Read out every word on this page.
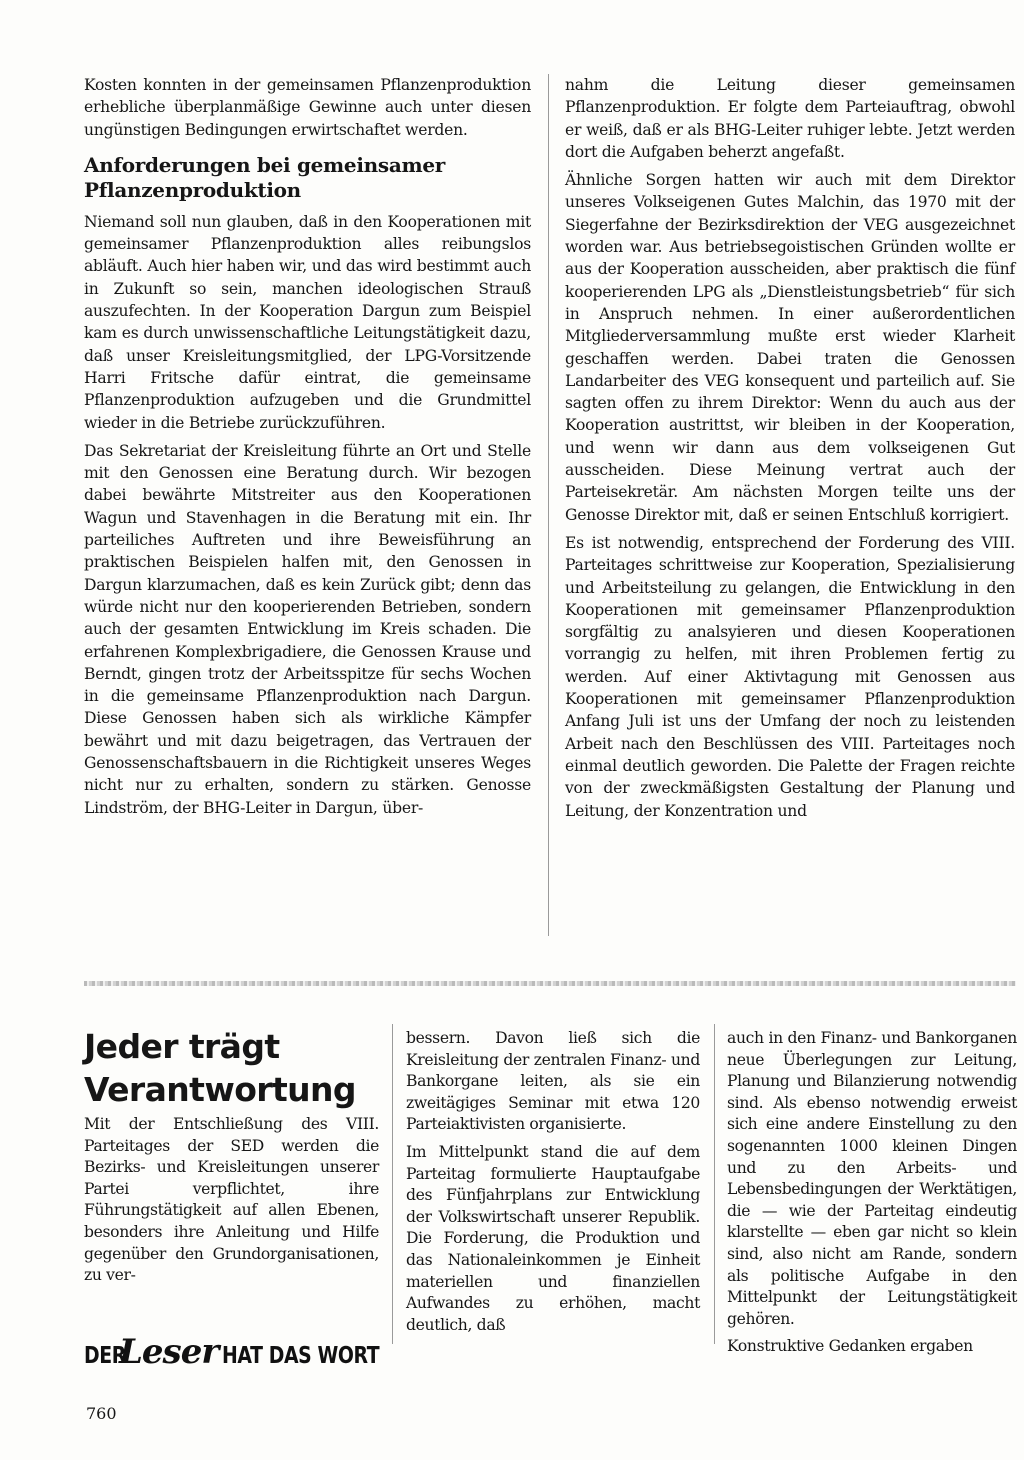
Kosten konnten in der gemeinsamen Pflanzenproduktion erhebliche überplanmäßige Gewinne auch unter diesen ungünstigen Bedingungen erwirtschaftet werden.

Anforderungen bei gemeinsamer Pflanzenproduktion

Niemand soll nun glauben, daß in den Kooperationen mit gemeinsamer Pflanzenproduktion alles reibungslos abläuft. Auch hier haben wir, und das wird bestimmt auch in Zukunft so sein, manchen ideologischen Strauß auszufechten. In der Kooperation Dargun zum Beispiel kam es durch unwissenschaftliche Leitungstätigkeit dazu, daß unser Kreisleitungsmitglied, der LPG-Vorsitzende Harri Fritsche dafür eintrat, die gemeinsame Pflanzenproduktion aufzugeben und die Grundmittel wieder in die Betriebe zurückzuführen.

Das Sekretariat der Kreisleitung führte an Ort und Stelle mit den Genossen eine Beratung durch. Wir bezogen dabei bewährte Mitstreiter aus den Kooperationen Wagun und Stavenhagen in die Beratung mit ein. Ihr parteiliches Auftreten und ihre Beweisführung an praktischen Beispielen halfen mit, den Genossen in Dargun klarzumachen, daß es kein Zurück gibt; denn das würde nicht nur den kooperierenden Betrieben, sondern auch der gesamten Entwicklung im Kreis schaden. Die erfahrenen Komplexbrigadiere, die Genossen Krause und Berndt, gingen trotz der Arbeitsspitze für sechs Wochen in die gemeinsame Pflanzenproduktion nach Dargun. Diese Genossen haben sich als wirkliche Kämpfer bewährt und mit dazu beigetragen, das Vertrauen der Genossenschaftsbauern in die Richtigkeit unseres Weges nicht nur zu erhalten, sondern zu stärken. Genosse Lindström, der BHG-Leiter in Dargun, über-

nahm die Leitung dieser gemeinsamen Pflanzenproduktion. Er folgte dem Parteiauftrag, obwohl er weiß, daß er als BHG-Leiter ruhiger lebte. Jetzt werden dort die Aufgaben beherzt angefaßt.

Ähnliche Sorgen hatten wir auch mit dem Direktor unseres Volkseigenen Gutes Malchin, das 1970 mit der Siegerfahne der Bezirksdirektion der VEG ausgezeichnet worden war. Aus betriebsegoistischen Gründen wollte er aus der Kooperation ausscheiden, aber praktisch die fünf kooperierenden LPG als „Dienstleistungsbetrieb“ für sich in Anspruch nehmen. In einer außerordentlichen Mitgliederversammlung mußte erst wieder Klarheit geschaffen werden. Dabei traten die Genossen Landarbeiter des VEG konsequent und parteilich auf. Sie sagten offen zu ihrem Direktor: Wenn du auch aus der Kooperation austrittst, wir bleiben in der Kooperation, und wenn wir dann aus dem volkseigenen Gut ausscheiden. Diese Meinung vertrat auch der Parteisekretär. Am nächsten Morgen teilte uns der Genosse Direktor mit, daß er seinen Entschluß korrigiert.

Es ist notwendig, entsprechend der Forderung des VIII. Parteitages schrittweise zur Kooperation, Spezialisierung und Arbeitsteilung zu gelangen, die Entwicklung in den Kooperationen mit gemeinsamer Pflanzenproduktion sorgfältig zu analsyieren und diesen Kooperationen vorrangig zu helfen, mit ihren Problemen fertig zu werden. Auf einer Aktivtagung mit Genossen aus Kooperationen mit gemeinsamer Pflanzenproduktion Anfang Juli ist uns der Umfang der noch zu leistenden Arbeit nach den Beschlüssen des VIII. Parteitages noch einmal deutlich geworden. Die Palette der Fragen reichte von der zweckmäßigsten Gestaltung der Planung und Leitung, der Konzentration und

Jeder trägt
Verantwortung

Mit der Entschließung des VIII. Parteitages der SED werden die Bezirks- und Kreisleitungen unserer Partei verpflichtet, ihre Führungstätigkeit auf allen Ebenen, besonders ihre Anleitung und Hilfe gegenüber den Grundorganisationen, zu ver-

bessern. Davon ließ sich die Kreisleitung der zentralen Finanz- und Bankorgane leiten, als sie ein zweitägiges Seminar mit etwa 120 Parteiaktivisten organisierte.

Im Mittelpunkt stand die auf dem Parteitag formulierte Hauptaufgabe des Fünfjahrplans zur Entwicklung der Volkswirtschaft unserer Republik. Die Forderung, die Produktion und das Nationaleinkommen je Einheit materiellen und finanziellen Aufwandes zu erhöhen, macht deutlich, daß

auch in den Finanz- und Bankorganen neue Überlegungen zur Leitung, Planung und Bilanzierung notwendig sind. Als ebenso notwendig erweist sich eine andere Einstellung zu den sogenannten 1000 kleinen Dingen und zu den Arbeits- und Lebensbedingungen der Werktätigen, die — wie der Parteitag eindeutig klarstellte — eben gar nicht so klein sind, also nicht am Rande, sondern als politische Aufgabe in den Mittelpunkt der Leitungstätigkeit gehören.

Konstruktive Gedanken ergaben

DER
Leser HAT DAS WORT
760
